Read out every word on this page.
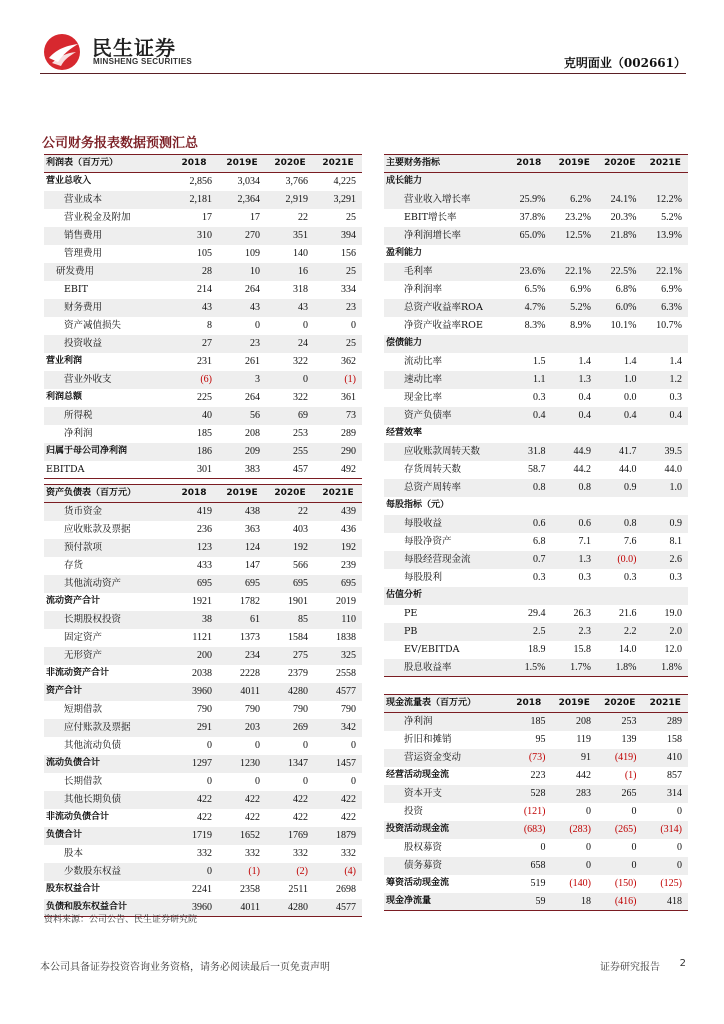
民生证券
MINSHENG SECURITIES	克明面业（002661）
公司财务报表数据预测汇总
利润表（百万元）	2018	2019E	2020E	2021E
营业总收入	2,856	3,034	3,766	4,225
营业成本	2,181	2,364	2,919	3,291
营业税金及附加	17	17	22	25
销售费用	310	270	351	394
管理费用	105	109	140	156
研发费用	28	10	16	25
EBIT	214	264	318	334
财务费用	43	43	43	23
资产减值损失	8	0	0	0
投资收益	27	23	24	25
营业利润	231	261	322	362
营业外收支	(6)	3	0	(1)
利润总额	225	264	322	361
所得税	40	56	69	73
净利润	185	208	253	289
归属于母公司净利润	186	209	255	290
EBITDA	301	383	457	492
资产负债表（百万元）	2018	2019E	2020E	2021E
货币资金	419	438	22	439
应收账款及票据	236	363	403	436
预付款项	123	124	192	192
存货	433	147	566	239
其他流动资产	695	695	695	695
流动资产合计	1921	1782	1901	2019
长期股权投资	38	61	85	110
固定资产	1121	1373	1584	1838
无形资产	200	234	275	325
非流动资产合计	2038	2228	2379	2558
资产合计	3960	4011	4280	4577
短期借款	790	790	790	790
应付账款及票据	291	203	269	342
其他流动负债	0	0	0	0
流动负债合计	1297	1230	1347	1457
长期借款	0	0	0	0
其他长期负债	422	422	422	422
非流动负债合计	422	422	422	422
负债合计	1719	1652	1769	1879
股本	332	332	332	332
少数股东权益	0	(1)	(2)	(4)
股东权益合计	2241	2358	2511	2698
负债和股东权益合计	3960	4011	4280	4577
主要财务指标	2018	2019E	2020E	2021E
成长能力				
营业收入增长率	25.9%	6.2%	24.1%	12.2%
EBIT增长率	37.8%	23.2%	20.3%	5.2%
净利润增长率	65.0%	12.5%	21.8%	13.9%
盈利能力				
毛利率	23.6%	22.1%	22.5%	22.1%
净利润率	6.5%	6.9%	6.8%	6.9%
总资产收益率ROA	4.7%	5.2%	6.0%	6.3%
净资产收益率ROE	8.3%	8.9%	10.1%	10.7%
偿债能力				
流动比率	1.5	1.4	1.4	1.4
速动比率	1.1	1.3	1.0	1.2
现金比率	0.3	0.4	0.0	0.3
资产负债率	0.4	0.4	0.4	0.4
经营效率				
应收账款周转天数	31.8	44.9	41.7	39.5
存货周转天数	58.7	44.2	44.0	44.0
总资产周转率	0.8	0.8	0.9	1.0
每股指标（元）				
每股收益	0.6	0.6	0.8	0.9
每股净资产	6.8	7.1	7.6	8.1
每股经营现金流	0.7	1.3	(0.0)	2.6
每股股利	0.3	0.3	0.3	0.3
估值分析				
PE	29.4	26.3	21.6	19.0
PB	2.5	2.3	2.2	2.0
EV/EBITDA	18.9	15.8	14.0	12.0
股息收益率	1.5%	1.7%	1.8%	1.8%
现金流量表（百万元）	2018	2019E	2020E	2021E
净利润	185	208	253	289
折旧和摊销	95	119	139	158
营运资金变动	(73)	91	(419)	410
经营活动现金流	223	442	(1)	857
资本开支	528	283	265	314
投资	(121)	0	0	0
投资活动现金流	(683)	(283)	(265)	(314)
股权募资	0	0	0	0
债务募资	658	0	0	0
筹资活动现金流	519	(140)	(150)	(125)
现金净流量	59	18	(416)	418
资料来源：公司公告、民生证券研究院
本公司具备证券投资咨询业务资格，请务必阅读最后一页免责声明	证券研究报告 2
